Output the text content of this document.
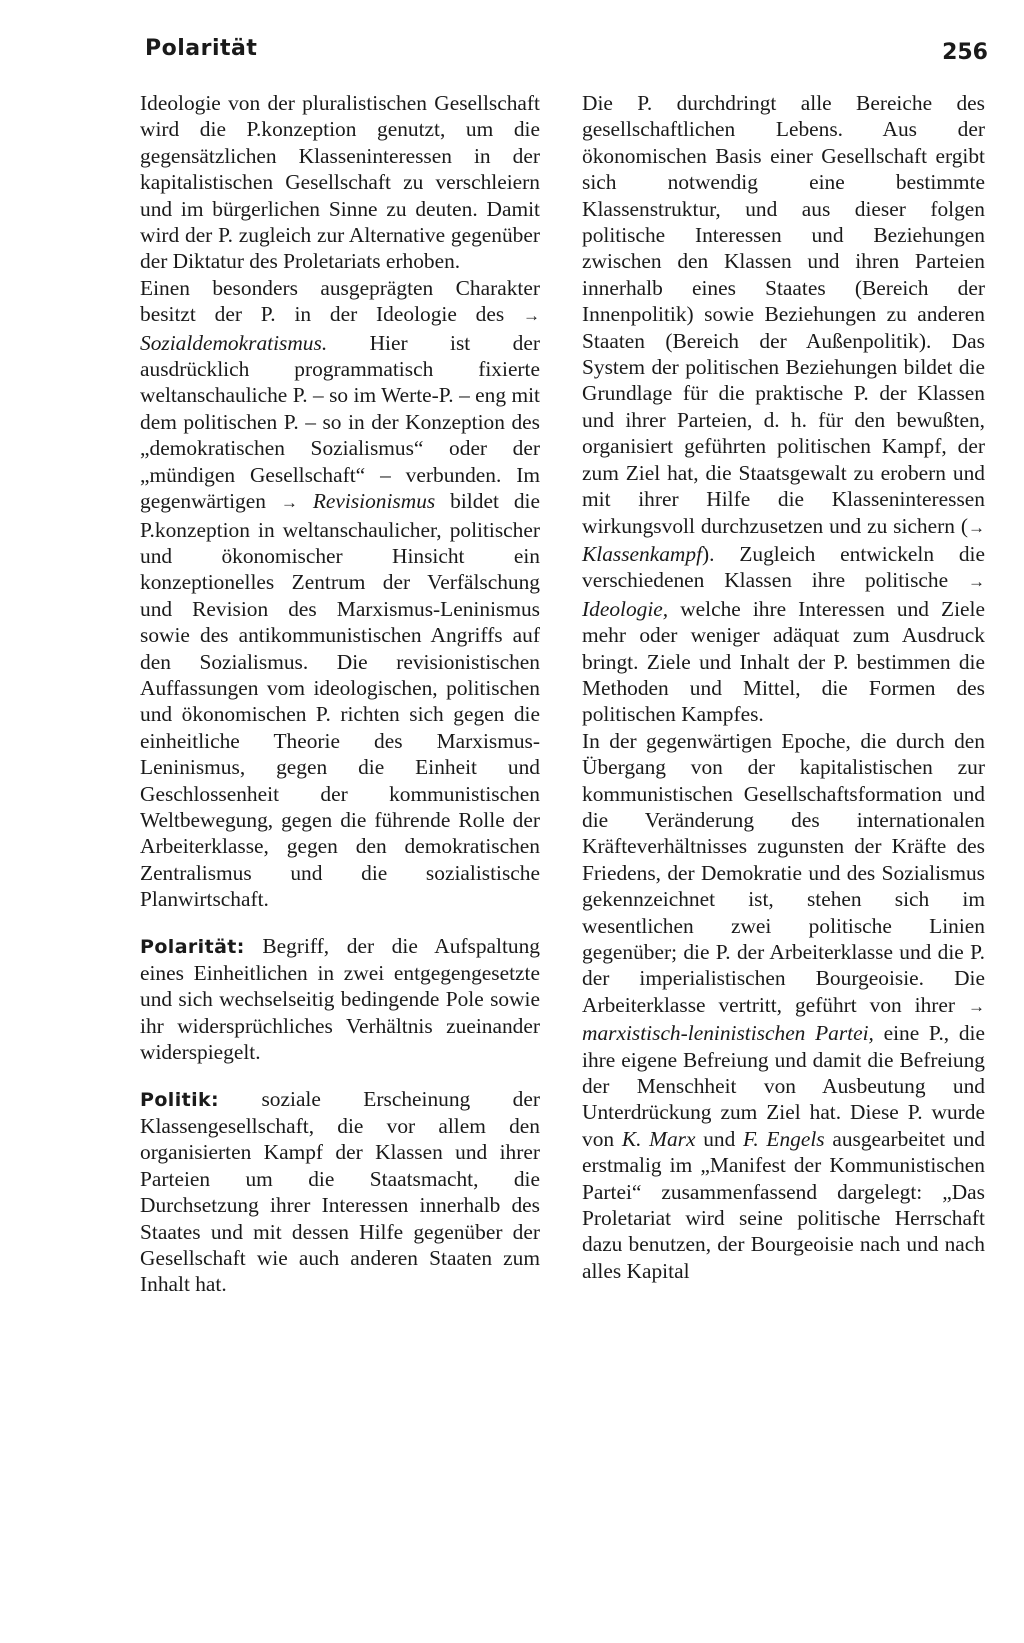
Polarität	256

Ideologie von der pluralistischen Gesellschaft wird die P.konzeption genutzt, um die gegensätzlichen Klasseninteressen in der kapitalistischen Gesellschaft zu verschleiern und im bürgerlichen Sinne zu deuten. Damit wird der P. zugleich zur Alternative gegenüber der Diktatur des Proletariats erhoben.

Einen besonders ausgeprägten Charakter besitzt der P. in der Ideologie des → Sozialdemokratismus. Hier ist der ausdrücklich programmatisch fixierte weltanschauliche P. – so im Werte-P. – eng mit dem politischen P. – so in der Konzeption des „demokratischen Sozialismus“ oder der „mündigen Gesellschaft“ – verbunden. Im gegenwärtigen → Revisionismus bildet die P.konzeption in weltanschaulicher, politischer und ökonomischer Hinsicht ein konzeptionelles Zentrum der Verfälschung und Revision des Marxismus-Leninismus sowie des antikommunistischen Angriffs auf den Sozialismus. Die revisionistischen Auffassungen vom ideologischen, politischen und ökonomischen P. richten sich gegen die einheitliche Theorie des Marxismus-Leninismus, gegen die Einheit und Geschlossenheit der kommunistischen Weltbewegung, gegen die führende Rolle der Arbeiterklasse, gegen den demokratischen Zentralismus und die sozialistische Planwirtschaft.

Polarität: Begriff, der die Aufspaltung eines Einheitlichen in zwei entgegengesetzte und sich wechselseitig bedingende Pole sowie ihr widersprüchliches Verhältnis zueinander widerspiegelt.

Politik: soziale Erscheinung der Klassengesellschaft, die vor allem den organisierten Kampf der Klassen und ihrer Parteien um die Staatsmacht, die Durchsetzung ihrer Interessen innerhalb des Staates und mit dessen Hilfe gegenüber der Gesellschaft wie auch anderen Staaten zum Inhalt hat.

Die P. durchdringt alle Bereiche des gesellschaftlichen Lebens. Aus der ökonomischen Basis einer Gesellschaft ergibt sich notwendig eine bestimmte Klassenstruktur, und aus dieser folgen politische Interessen und Beziehungen zwischen den Klassen und ihren Parteien innerhalb eines Staates (Bereich der Innenpolitik) sowie Beziehungen zu anderen Staaten (Bereich der Außenpolitik). Das System der politischen Beziehungen bildet die Grundlage für die praktische P. der Klassen und ihrer Parteien, d. h. für den bewußten, organisiert geführten politischen Kampf, der zum Ziel hat, die Staatsgewalt zu erobern und mit ihrer Hilfe die Klasseninteressen wirkungsvoll durchzusetzen und zu sichern (→ Klassenkampf). Zugleich entwickeln die verschiedenen Klassen ihre politische → Ideologie, welche ihre Interessen und Ziele mehr oder weniger adäquat zum Ausdruck bringt. Ziele und Inhalt der P. bestimmen die Methoden und Mittel, die Formen des politischen Kampfes.

In der gegenwärtigen Epoche, die durch den Übergang von der kapitalistischen zur kommunistischen Gesellschaftsformation und die Veränderung des internationalen Kräfteverhältnisses zugunsten der Kräfte des Friedens, der Demokratie und des Sozialismus gekennzeichnet ist, stehen sich im wesentlichen zwei politische Linien gegenüber; die P. der Arbeiterklasse und die P. der imperialistischen Bourgeoisie. Die Arbeiterklasse vertritt, geführt von ihrer → marxistisch-leninistischen Partei, eine P., die ihre eigene Befreiung und damit die Befreiung der Menschheit von Ausbeutung und Unterdrückung zum Ziel hat. Diese P. wurde von K. Marx und F. Engels ausgearbeitet und erstmalig im „Manifest der Kommunistischen Partei“ zusammenfassend dargelegt: „Das Proletariat wird seine politische Herrschaft dazu benutzen, der Bourgeoisie nach und nach alles Kapital
